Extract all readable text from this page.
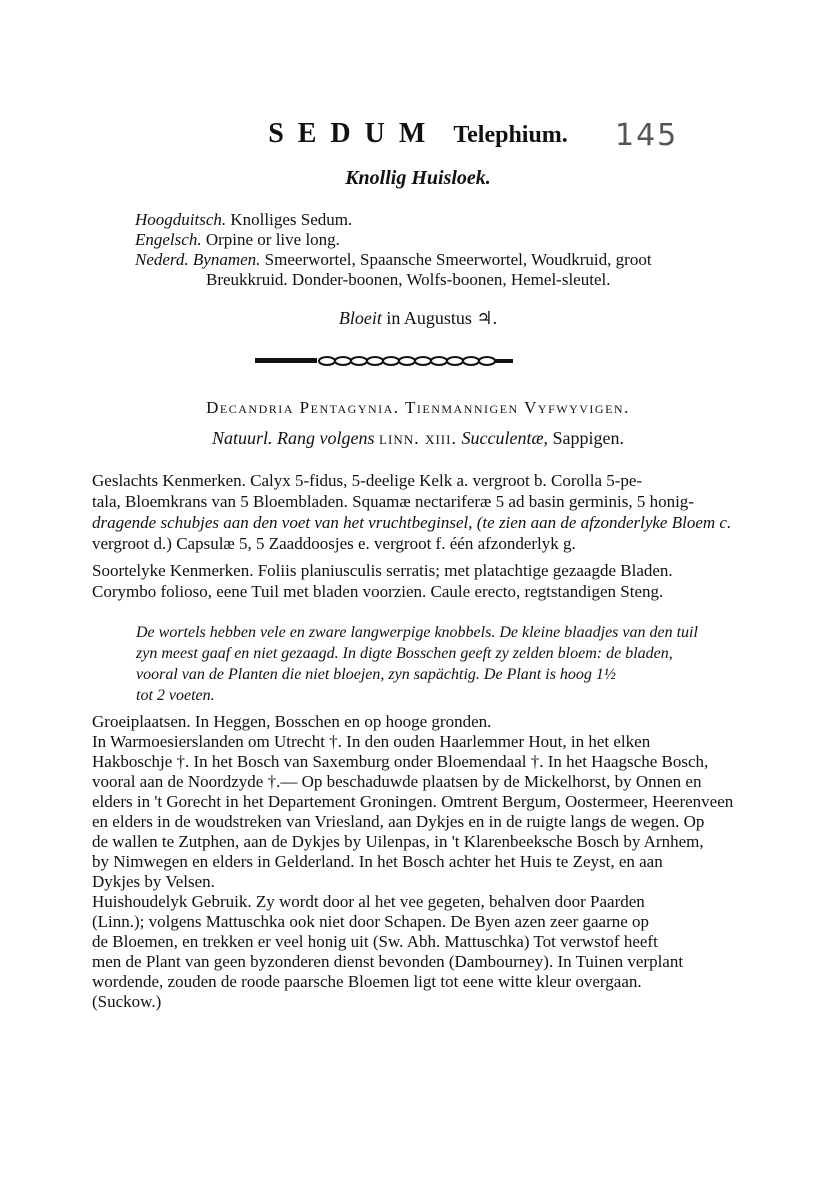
SEDUM Telephium.	145
Knollig Huisloek.
Hoogduitsch. Knolliges Sedum.
Engelsch. Orpine or live long.
Nederd. Bynamen. Smeerwortel, Spaansche Smeerwortel, Woudkruid, groot
Breukkruid. Donder-boonen, Wolfs-boonen, Hemel-sleutel.
Bloeit in Augustus ♃.
Decandria Pentagynia. Tienmannigen Vyfwyvigen.
Natuurl. Rang volgens linn. xiii. Succulentæ, Sappigen.
Geslachts Kenmerken. Calyx 5-fidus, 5-deelige Kelk a. vergroot b. Corolla 5-pe-
tala, Bloemkrans van 5 Bloembladen. Squamæ nectariferæ 5 ad basin germinis, 5 honig-
dragende schubjes aan den voet van het vruchtbeginsel, (te zien aan de afzonderlyke Bloem c.
vergroot d.) Capsulæ 5, 5 Zaaddoosjes e. vergroot f. één afzonderlyk g.
Soortelyke Kenmerken. Foliis planiusculis serratis; met platachtige gezaagde Bladen.
Corymbo folioso, eene Tuil met bladen voorzien. Caule erecto, regtstandigen Steng.
De wortels hebben vele en zware langwerpige knobbels. De kleine blaadjes van den tuil
zyn meest gaaf en niet gezaagd. In digte Bosschen geeft zy zelden bloem: de bladen,
vooral van de Planten die niet bloejen, zyn sapächtig. De Plant is hoog 1½
tot 2 voeten.
Groeiplaatsen. In Heggen, Bosschen en op hooge gronden.
In Warmoesierslanden om Utrecht †. In den ouden Haarlemmer Hout, in het elken
Hakboschje †. In het Bosch van Saxemburg onder Bloemendaal †. In het Haagsche Bosch,
vooral aan de Noordzyde †.— Op beschaduwde plaatsen by de Mickelhorst, by Onnen en
elders in 't Gorecht in het Departement Groningen. Omtrent Bergum, Oostermeer, Heerenveen
en elders in de woudstreken van Vriesland, aan Dykjes en in de ruigte langs de wegen. Op
de wallen te Zutphen, aan de Dykjes by Uilenpas, in 't Klarenbeeksche Bosch by Arnhem,
by Nimwegen en elders in Gelderland. In het Bosch achter het Huis te Zeyst, en aan
Dykjes by Velsen.
Huishoudelyk Gebruik. Zy wordt door al het vee gegeten, behalven door Paarden
(Linn.); volgens Mattuschka ook niet door Schapen. De Byen azen zeer gaarne op
de Bloemen, en trekken er veel honig uit (Sw. Abh. Mattuschka) Tot verwstof heeft
men de Plant van geen byzonderen dienst bevonden (Dambourney). In Tuinen verplant
wordende, zouden de roode paarsche Bloemen ligt tot eene witte kleur overgaan.
(Suckow.)
